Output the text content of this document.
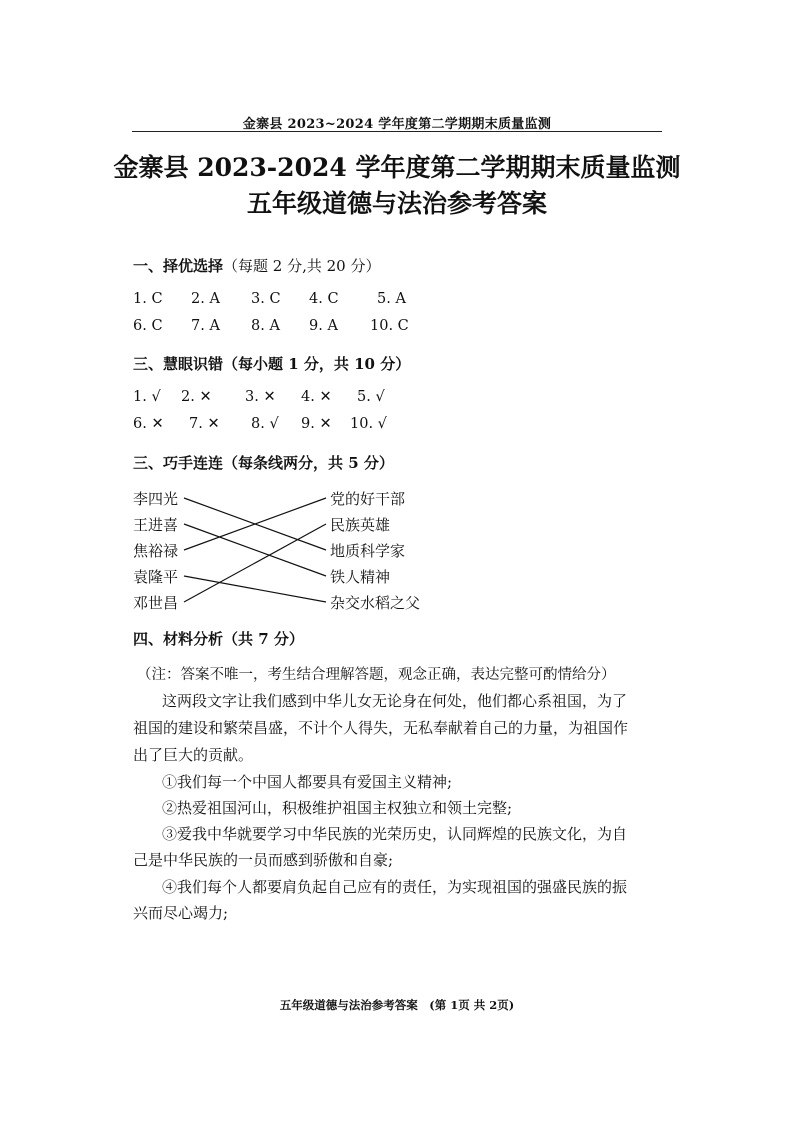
金寨县 2023~2024 学年度第二学期期末质量监测
金寨县 2023-2024 学年度第二学期期末质量监测
五年级道德与法治参考答案
一、择优选择（每题 2 分,共 20 分）
1. C 2. A 3. C 4. C	5. A
6. C 7. A 8. A 9. A 10. C
三、慧眼识错（每小题 1 分，共 10 分）
1. √ 2. ✕ 3. ✕ 4. ✕ 5. √
6. ✕ 7. ✕ 8. √ 9. ✕ 10. √
三、巧手连连（每条线两分，共 5 分）
李四光
王进喜
焦裕禄
袁隆平
邓世昌
党的好干部
民族英雄
地质科学家
铁人精神
杂交水稻之父
四、材料分析（共 7 分）
（注：答案不唯一，考生结合理解答题，观念正确，表达完整可酌情给分）
这两段文字让我们感到中华儿女无论身在何处，他们都心系祖国，为了
祖国的建设和繁荣昌盛，不计个人得失，无私奉献着自己的力量，为祖国作
出了巨大的贡献。
①我们每一个中国人都要具有爱国主义精神;
②热爱祖国河山，积极维护祖国主权独立和领土完整;
③爱我中华就要学习中华民族的光荣历史，认同辉煌的民族文化，为自
己是中华民族的一员而感到骄傲和自豪;
④我们每个人都要肩负起自己应有的责任，为实现祖国的强盛民族的振
兴而尽心竭力;
五年级道德与法治参考答案　(第 1页 共 2页)
